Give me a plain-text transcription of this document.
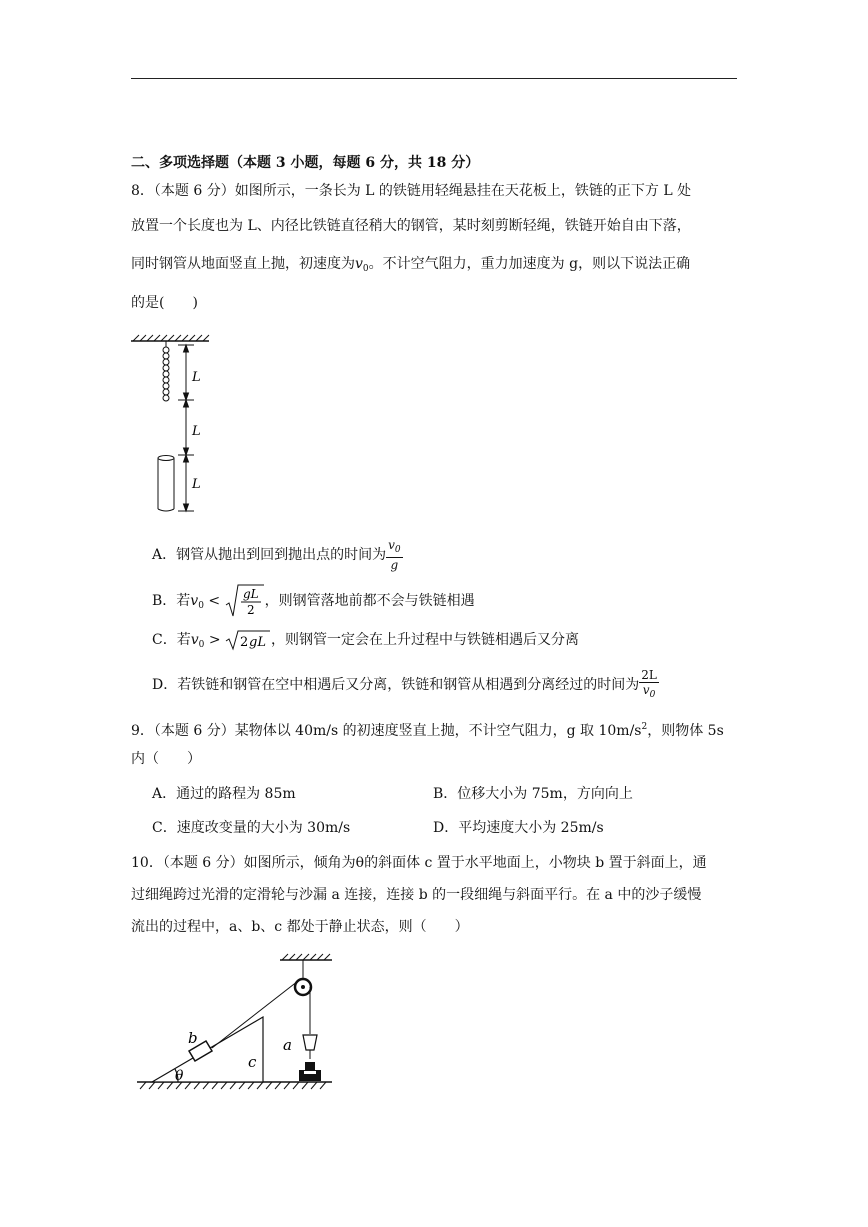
二、多项选择题（本题 3 小题，每题 6 分，共 18 分）
8．（本题 6 分）如图所示，一条长为 L 的铁链用轻绳悬挂在天花板上，铁链的正下方 L 处
放置一个长度也为 L、内径比铁链直径稍大的钢管，某时刻剪断轻绳，铁链开始自由下落，
同时钢管从地面竖直上抛，初速度为$v_0$。不计空气阻力，重力加速度为 g，则以下说法正确
的是(　　)
L
L
L
A．钢管从抛出到回到抛出点的时间为 $\frac{v_0}{g}$
B．若$v_0$ < gL
2
，则钢管落地前都不会与铁链相遇
C．若$v_0 > 2$ gL ，则钢管一定会在上升过程中与铁链相遇后又分离
D．若铁链和钢管在空中相遇后又分离，铁链和钢管从相遇到分离经过的时间为 $\frac{2L}{v_0}$
9．（本题 6 分）某物体以 40m/s 的初速度竖直上抛，不计空气阻力，g 取 $10m/s^2$，则物体 5s
内（　　）
A．通过的路程为 85m	B．位移大小为 75m，方向向上
C．速度改变量的大小为 30m/s	D．平均速度大小为 25m/s
10．（本题 6 分）如图所示，倾角为θ的斜面体 c 置于水平地面上，小物块 b 置于斜面上，通
过细绳跨过光滑的定滑轮与沙漏 a 连接，连接 b 的一段细绳与斜面平行。在 a 中的沙子缓慢
流出的过程中，a、b、c 都处于静止状态，则（　　）
b	a
c
θ
